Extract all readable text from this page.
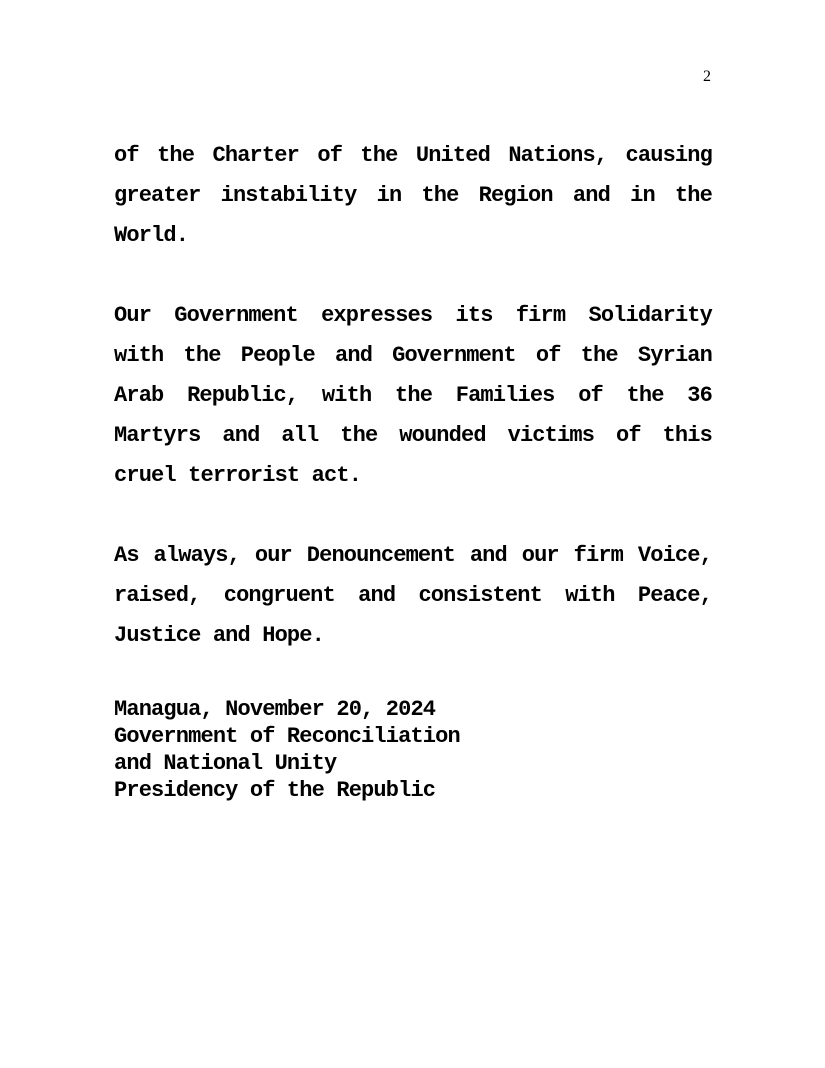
2

of the Charter of the United Nations, causing greater instability in the Region and in the World.

Our Government expresses its firm Solidarity with the People and Government of the Syrian Arab Republic, with the Families of the 36 Martyrs and all the wounded victims of this cruel terrorist act.

As always, our Denouncement and our firm Voice, raised, congruent and consistent with Peace, Justice and Hope.

Managua, November 20, 2024
Government of Reconciliation
and National Unity
Presidency of the Republic
